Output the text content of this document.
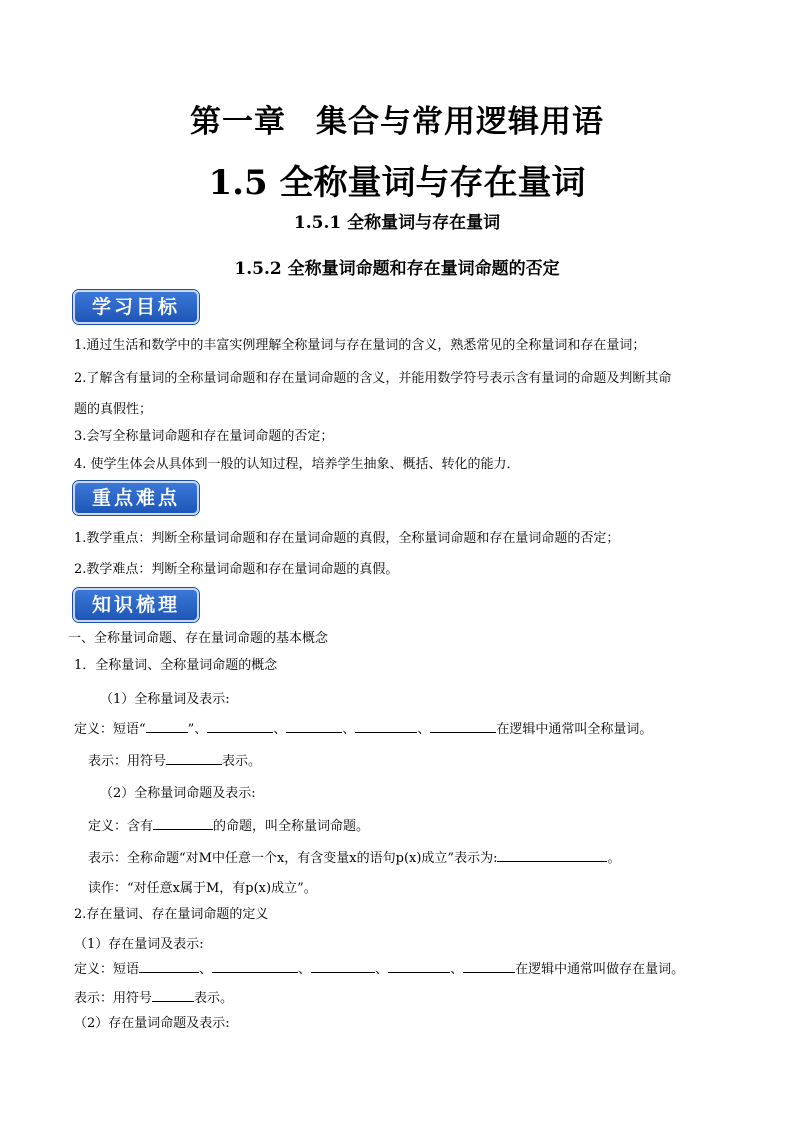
第一章 集合与常用逻辑用语
1.5 全称量词与存在量词
1.5.1 全称量词与存在量词
1.5.2 全称量词命题和存在量词命题的否定
学习目标
1.通过生活和数学中的丰富实例理解全称量词与存在量词的含义，熟悉常见的全称量词和存在量词；
2.了解含有量词的全称量词命题和存在量词命题的含义，并能用数学符号表示含有量词的命题及判断其命
题的真假性；
3.会写全称量词命题和存在量词命题的否定；
4. 使学生体会从具体到一般的认知过程，培养学生抽象、概括、转化的能力．
重点难点
1.教学重点：判断全称量词命题和存在量词命题的真假，全称量词命题和存在量词命题的否定；
2.教学难点：判断全称量词命题和存在量词命题的真假。
知识梳理
一、全称量词命题、存在量词命题的基本概念
1．全称量词、全称量词命题的概念
（1）全称量词及表示:
定义：短语“	”、	、	、	、	在逻辑中通常叫全称量词。
表示：用符号	表示。
（2）全称量词命题及表示:
定义：含有	的命题，叫全称量词命题。
表示：全称命题“对M中任意一个x，有含变量x的语句p(x)成立”表示为:	。
读作：“对任意x属于M，有p(x)成立”。
2.存在量词、存在量词命题的定义
（1）存在量词及表示:
定义：短语	、	、	、	、	在逻辑中通常叫做存在量词。
表示：用符号	表示。
（2）存在量词命题及表示:
